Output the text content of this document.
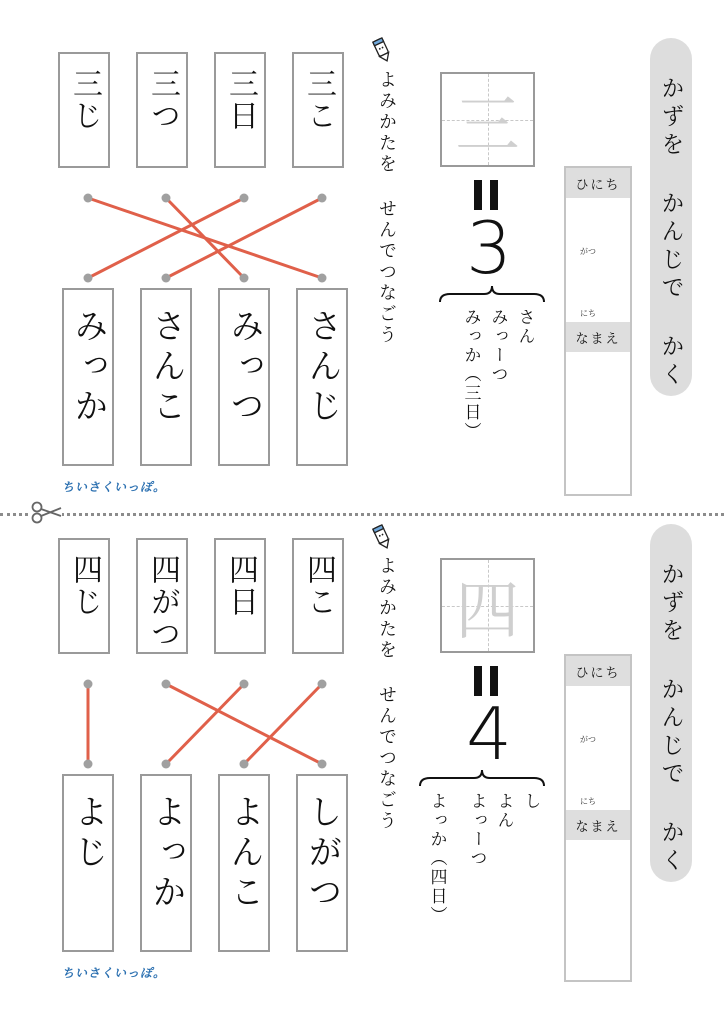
三じ 三つ 三日 三こ
みっか さんこ みっつ さんじ
よみかたを せんでつなごう 三
3
さん
みっーつ
みっか（三日）
ひにち
がつ
にち
なまえ	かずを かんじで かく
ちいさくいっぽ。
四じ 四がつ 四日 四こ
よじ よっか よんこ しがつ
よみかたを せんでつなごう 四
4
し
よん
よっーつ
よっか（四日）
ひにち
がつ
にち
なまえ	かずを かんじで かく
ちいさくいっぽ。
